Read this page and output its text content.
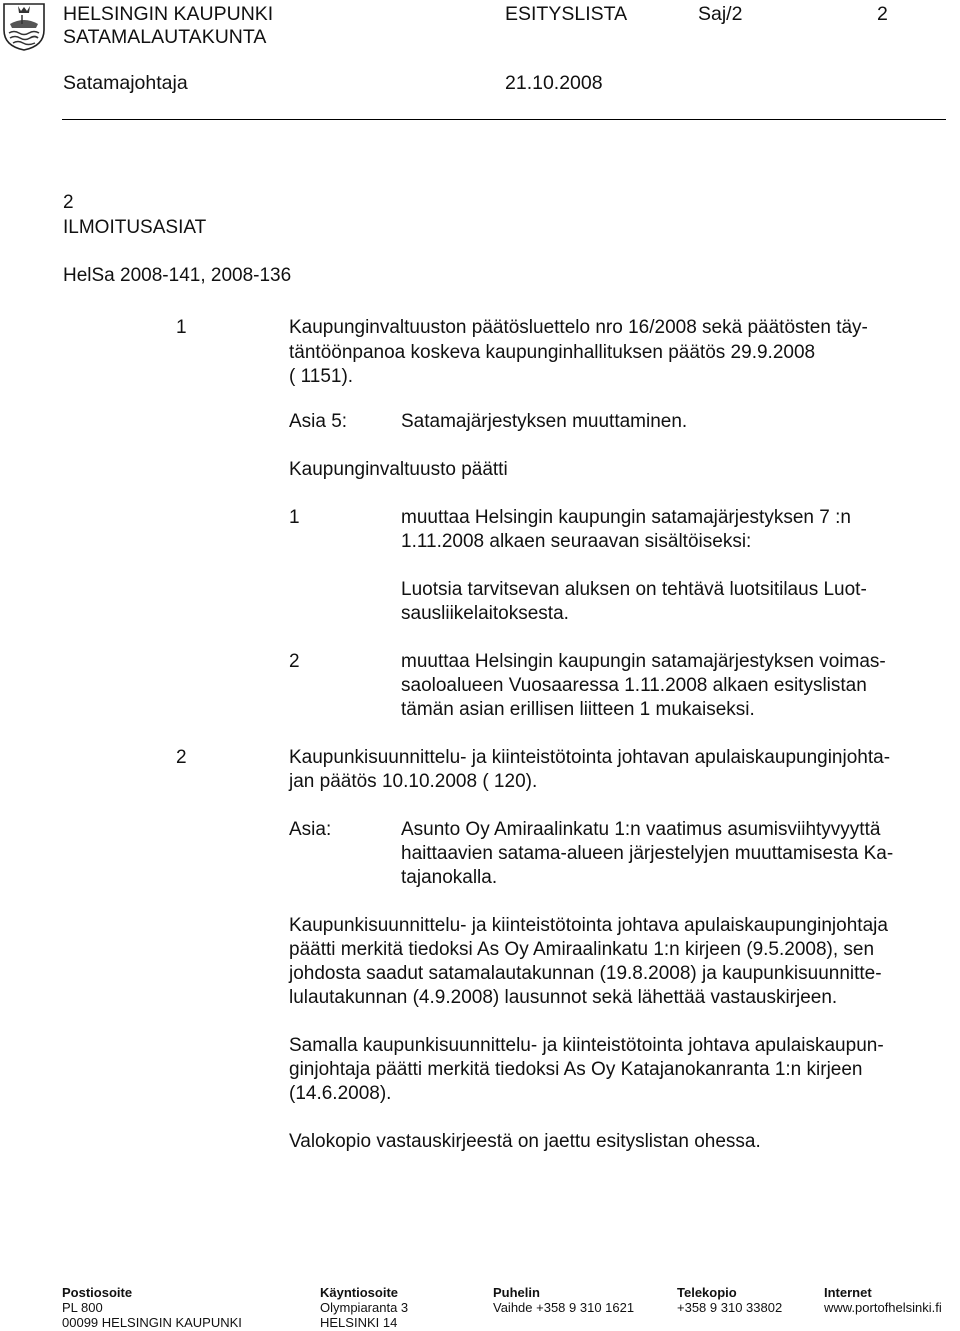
HELSINGIN KAUPUNKI
SATAMALAUTAKUNTA
ESITYSLISTA	Saj/2	2
Satamajohtaja	21.10.2008
2
ILMOITUSASIAT
HelSa 2008-141, 2008-136
1	Kaupunginvaltuuston päätösluettelo nro 16/2008 sekä päätösten täy-
täntöönpanoa koskeva kaupunginhallituksen päätös 29.9.2008
( 1151).
Asia 5:	Satamajärjestyksen muuttaminen.
Kaupunginvaltuusto päätti
1	muuttaa Helsingin kaupungin satamajärjestyksen 7 :n
1.11.2008 alkaen seuraavan sisältöiseksi:
Luotsia tarvitsevan aluksen on tehtävä luotsitilaus Luot-
sausliikelaitoksesta.
2	muuttaa Helsingin kaupungin satamajärjestyksen voimas-
saoloalueen Vuosaaressa 1.11.2008 alkaen esityslistan
tämän asian erillisen liitteen 1 mukaiseksi.
2	Kaupunkisuunnittelu- ja kiinteistötointa johtavan apulaiskaupunginjohta-
jan päätös 10.10.2008 ( 120).
Asia:	Asunto Oy Amiraalinkatu 1:n vaatimus asumisviihtyvyyttä
haittaavien satama-alueen järjestelyjen muuttamisesta Ka-
tajanokalla.
Kaupunkisuunnittelu- ja kiinteistötointa johtava apulaiskaupunginjohtaja
päätti merkitä tiedoksi As Oy Amiraalinkatu 1:n kirjeen (9.5.2008), sen
johdosta saadut satamalautakunnan (19.8.2008) ja kaupunkisuunnitte-
lulautakunnan (4.9.2008) lausunnot sekä lähettää vastauskirjeen.
Samalla kaupunkisuunnittelu- ja kiinteistötointa johtava apulaiskaupun-
ginjohtaja päätti merkitä tiedoksi As Oy Katajanokanranta 1:n kirjeen
(14.6.2008).
Valokopio vastauskirjeestä on jaettu esityslistan ohessa.
Postiosoite
PL 800
00099 HELSINGIN KAUPUNKI
Käyntiosoite
Olympiaranta 3
HELSINKI 14
Puhelin
Vaihde +358 9 310 1621
Telekopio
+358 9 310 33802
Internet
www.portofhelsinki.fi
